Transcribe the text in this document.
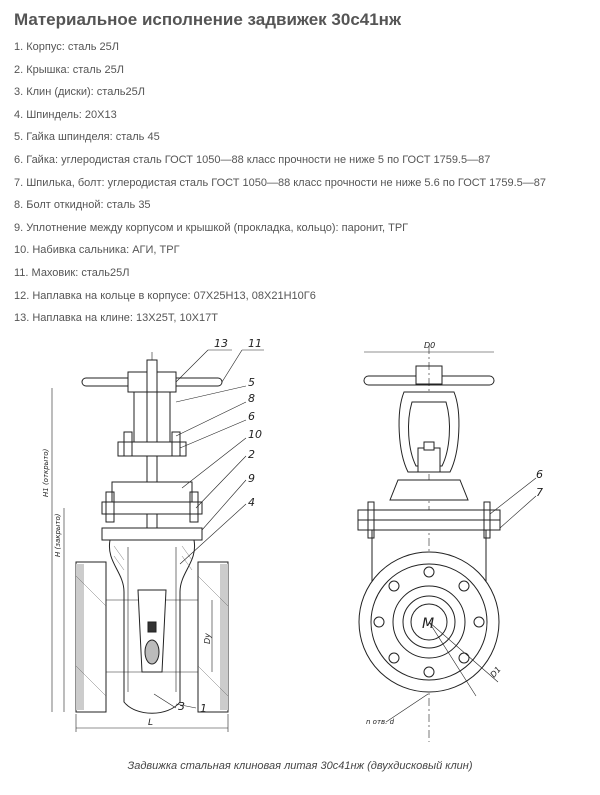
Материальное исполнение задвижек 30с41нж
1. Корпус: сталь 25Л
2. Крышка: сталь 25Л
3. Клин (диски): сталь25Л
4. Шпиндель: 20Х13
5. Гайка шпинделя: сталь 45
6. Гайка: углеродистая сталь ГОСТ 1050—88 класс прочности не ниже 5 по ГОСТ 1759.5—87
7. Шпилька, болт: углеродистая сталь ГОСТ 1050—88 класс прочности не ниже 5.6 по ГОСТ 1759.5—87
8. Болт откидной: сталь 35
9. Уплотнение между корпусом и крышкой (прокладка, кольцо): паронит, ТРГ
10. Набивка сальника: АГИ, ТРГ
11. Маховик: сталь25Л
12. Наплавка на кольце в корпусе: 07Х25Н13, 08Х21Н10Г6
13. Наплавка на клине: 13Х25Т, 10Х17Т
13 11
5
8
6
10
2
9
4
3 1
H1 (открыто)
H (закрыто)
Dy
L
М
6
7
D0
D1
n отв. d
Задвижка стальная клиновая литая 30с41нж (двухдисковый клин)
